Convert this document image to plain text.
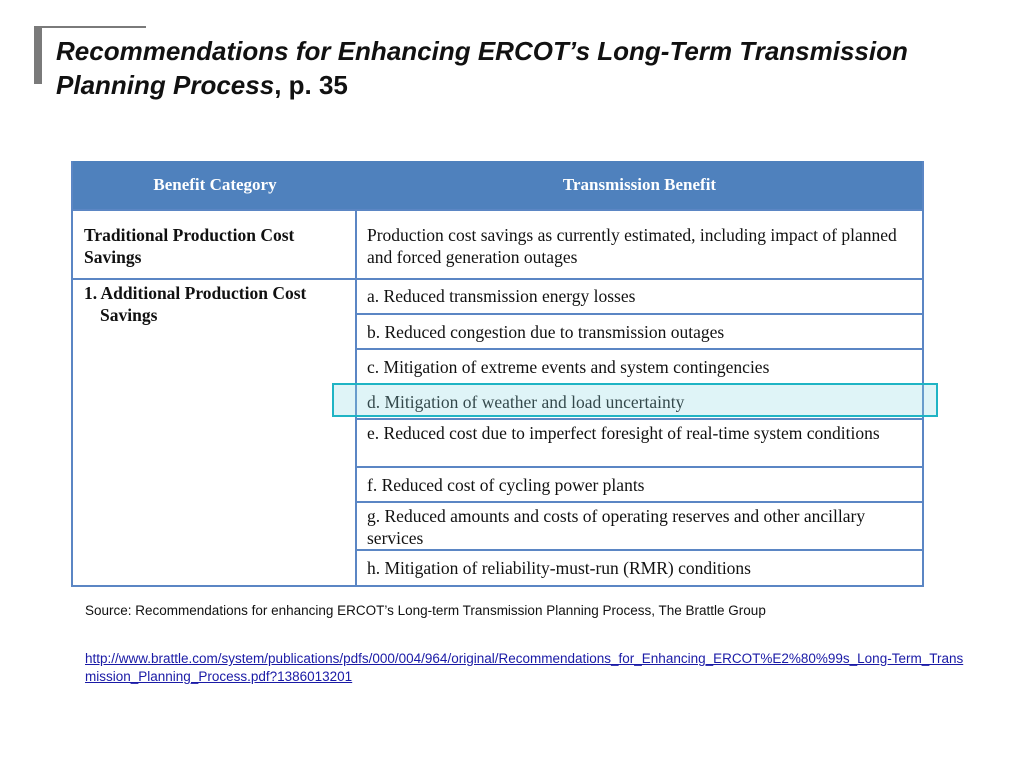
Recommendations for Enhancing ERCOT’s Long-Term Transmission Planning Process, p. 35
Benefit Category	Transmission Benefit
Traditional Production Cost Savings
1. Additional Production Cost
Savings
Production cost savings as currently estimated, including impact of planned and forced generation outages
a. Reduced transmission energy losses
b. Reduced congestion due to transmission outages
c. Mitigation of extreme events and system contingencies
d. Mitigation of weather and load uncertainty
e. Reduced cost due to imperfect foresight of real-time system conditions
f. Reduced cost of cycling power plants
g. Reduced amounts and costs of operating reserves and other ancillary services
h. Mitigation of reliability-must-run (RMR) conditions
Source: Recommendations for enhancing ERCOT’s Long-term Transmission Planning Process, The Brattle Group
http://www.brattle.com/system/publications/pdfs/000/004/964/original/Recommendations_for_Enhancing_ERCOT%E2%80%99s_Long-Term_Transmission_Planning_Process.pdf?1386013201
